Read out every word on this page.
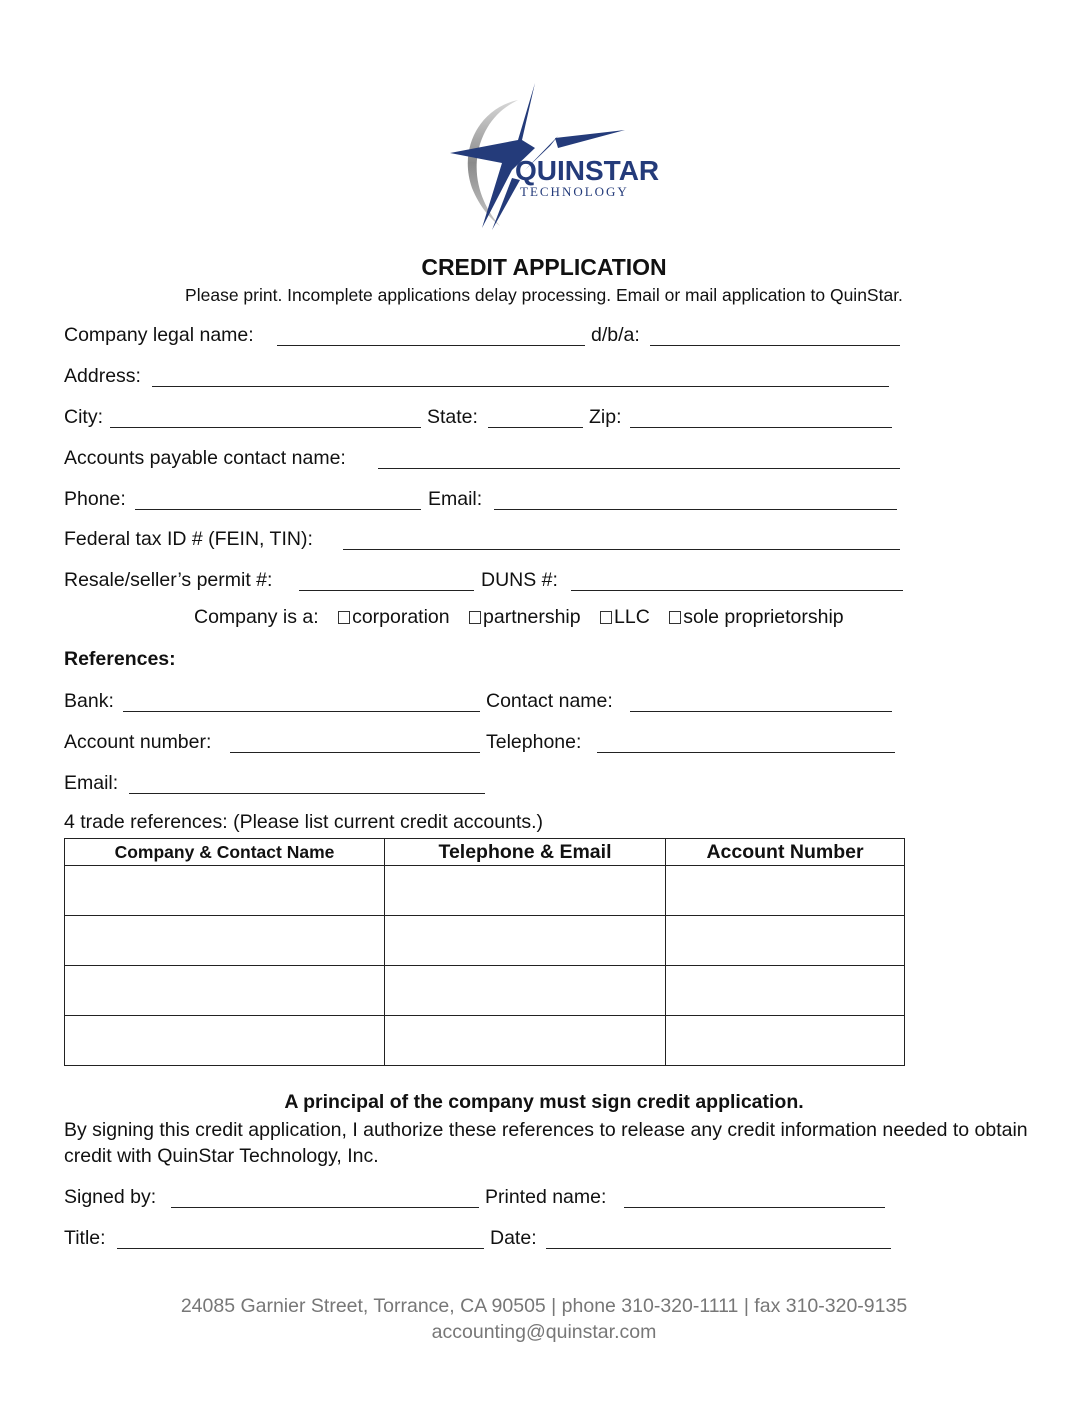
QUINSTAR
TECHNOLOGY
CREDIT APPLICATION
Please print. Incomplete applications delay processing. Email or mail application to QuinStar.
Company legal name:	d/b/a:
Address:
City:	State:	Zip:
Accounts payable contact name:
Phone:	Email:
Federal tax ID # (FEIN, TIN):
Resale/seller’s permit #:	DUNS #:
Company is a: corporation partnership LLC sole proprietorship
References:
Bank:	Contact name:
Account number:	Telephone:
Email:
4 trade references: (Please list current credit accounts.)
Company & Contact Name	Telephone & Email	Account Number

A principal of the company must sign credit application.
By signing this credit application, I authorize these references to release any credit information needed to obtain credit with QuinStar Technology, Inc.
Signed by:	Printed name:
Title:	Date:
24085 Garnier Street, Torrance, CA 90505 | phone 310-320-1111 | fax 310-320-9135
accounting@quinstar.com
